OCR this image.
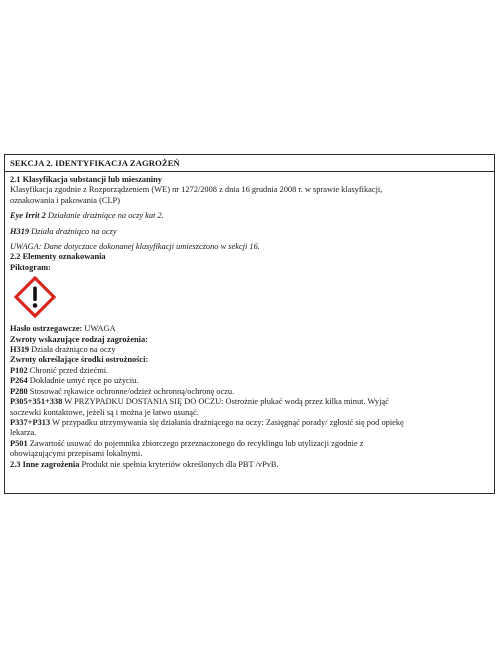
SEKCJA 2. IDENTYFIKACJA ZAGROŻEŃ
2.1 Klasyfikacja substancji lub mieszaniny
Klasyfikacja zgodnie z Rozporządzeniem (WE) nr 1272/2008 z dnia 16 grudnia 2008 r. w sprawie klasyfikacji,
oznakowania i pakowania (CLP)
Eye Irrit 2 Działanie drażniące na oczy kat 2.
H319 Działa drażniąco na oczy
UWAGA: Dane dotyczace dokonanej klasyfikacji umieszczono w sekcji 16.
2.2 Elementy oznakowania
Piktogram:
Hasło ostrzegawcze: UWAGA
Zwroty wskazujące rodzaj zagrożenia:
H319 Działa drażniąco na oczy
Zwroty określające środki ostrożności:
P102 Chronić przed dziećmi.
P264 Dokładnie umyć ręce po użyciu.
P280 Stosować rękawice ochronne/odzież ochronną/ochronę oczu.
P305+351+338 W PRZYPADKU DOSTANIA SIĘ DO OCZU: Ostrożnie płukać wodą przez kilka minut. Wyjąć
soczewki kontaktowe, jeżeli są i można je łatwo usunąć.
P337+P313 W przypadku utrzymywania się działania drażniącego na oczy: Zasięgnąć porady/ zgłosić się pod opiekę
lekarza.
P501 Zawartość usuwać do pojemnika zbiorczego przeznaczonego do recyklingu lub utylizacji zgodnie z
obowiązującymi przepisami lokalnymi.
2.3 Inne zagrożenia Produkt nie spełnia kryteriów określonych dla PBT /vPvB.
